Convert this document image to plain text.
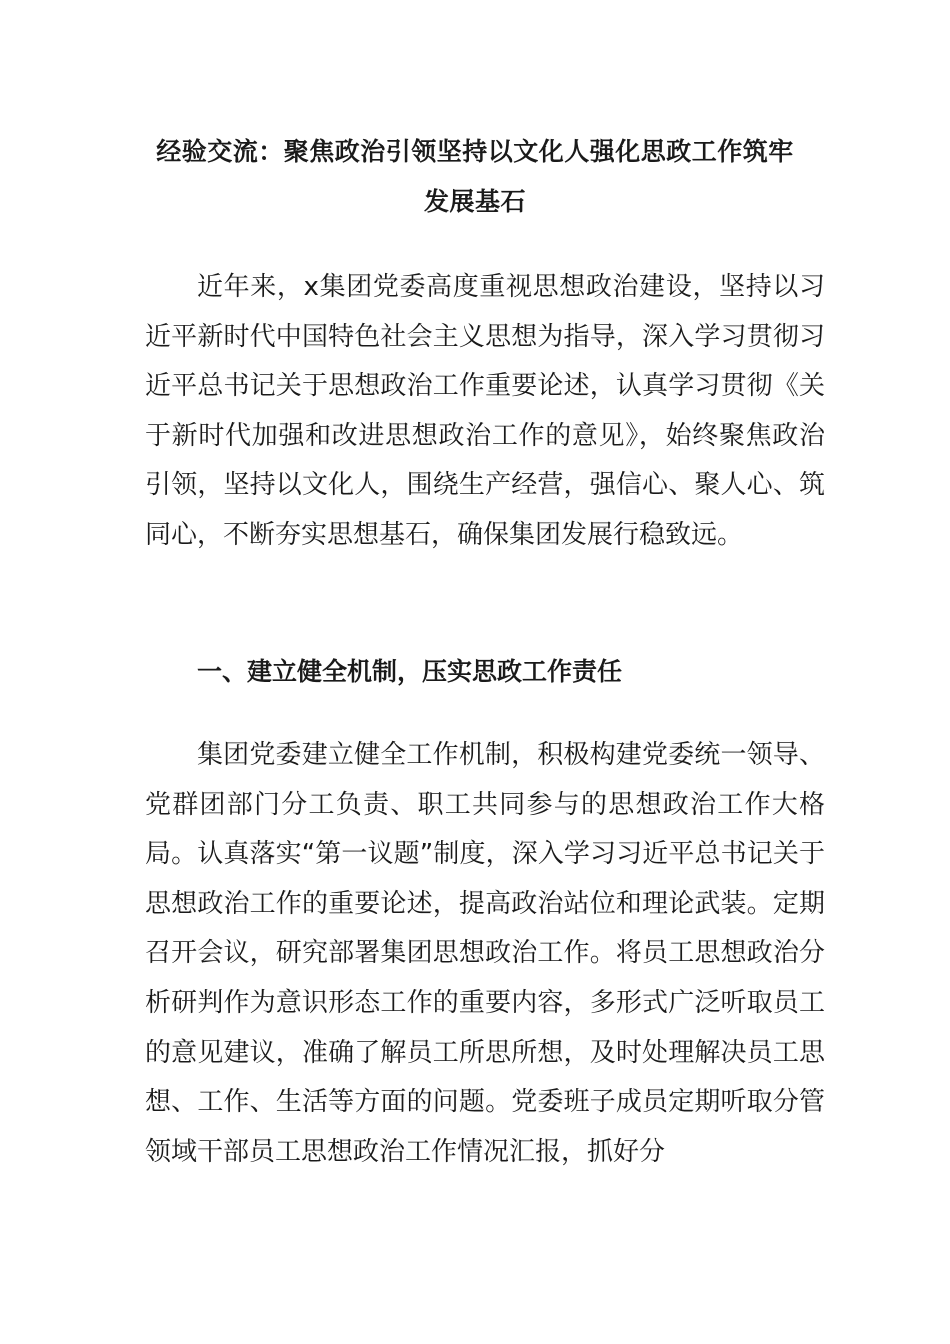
经验交流：聚焦政治引领坚持以文化人强化思政工作筑牢
发展基石

近年来，x集团党委高度重视思想政治建设，坚持以习近平新时代中国特色社会主义思想为指导，深入学习贯彻习近平总书记关于思想政治工作重要论述，认真学习贯彻《关于新时代加强和改进思想政治工作的意见》，始终聚焦政治引领，坚持以文化人，围绕生产经营，强信心、聚人心、筑同心，不断夯实思想基石，确保集团发展行稳致远。

一、建立健全机制，压实思政工作责任

集团党委建立健全工作机制，积极构建党委统一领导、党群团部门分工负责、职工共同参与的思想政治工作大格局。认真落实“第一议题”制度，深入学习习近平总书记关于思想政治工作的重要论述，提高政治站位和理论武装。定期召开会议，研究部署集团思想政治工作。将员工思想政治分析研判作为意识形态工作的重要内容，多形式广泛听取员工的意见建议，准确了解员工所思所想，及时处理解决员工思想、工作、生活等方面的问题。党委班子成员定期听取分管领域干部员工思想政治工作情况汇报，抓好分
